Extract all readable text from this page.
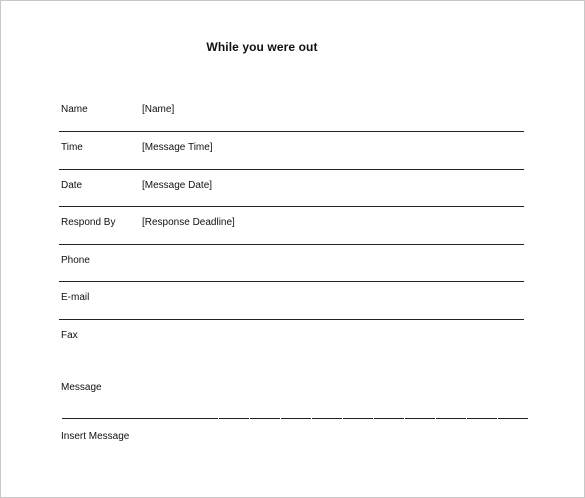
While you were out
Name	[Name]
Time	[Message Time]
Date	[Message Date]
Respond By	[Response Deadline]
Phone
E-mail
Fax
Message
Insert Message
